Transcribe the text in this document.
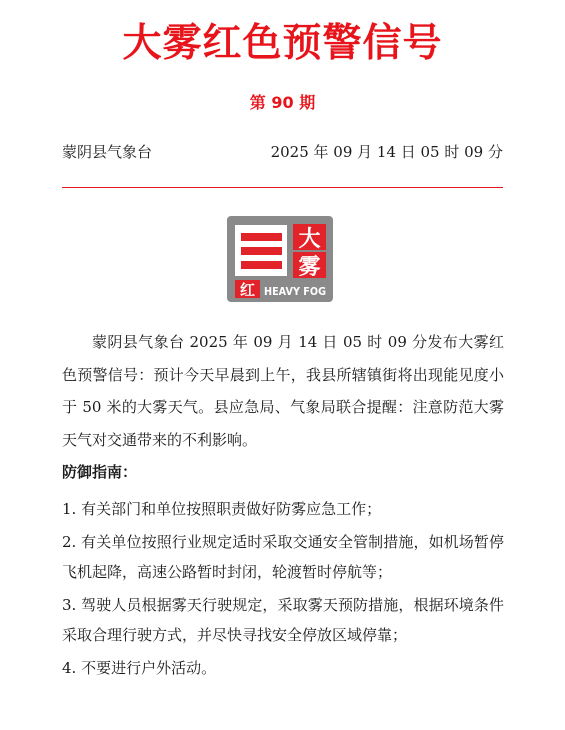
大雾红色预警信号
第 90 期
蒙阴县气象台	2025 年 09 月 14 日 05 时 09 分
大
雾
红 HEAVY FOG

蒙阴县气象台 2025 年 09 月 14 日 05 时 09 分发布大雾红色预警信号：预计今天早晨到上午，我县所辖镇街将出现能见度小于 50 米的大雾天气。县应急局、气象局联合提醒：注意防范大雾天气对交通带来的不利影响。

防御指南：
1. 有关部门和单位按照职责做好防雾应急工作；
2. 有关单位按照行业规定适时采取交通安全管制措施，如机场暂停飞机起降，高速公路暂时封闭，轮渡暂时停航等；
3. 驾驶人员根据雾天行驶规定，采取雾天预防措施，根据环境条件采取合理行驶方式，并尽快寻找安全停放区域停靠；
4. 不要进行户外活动。
